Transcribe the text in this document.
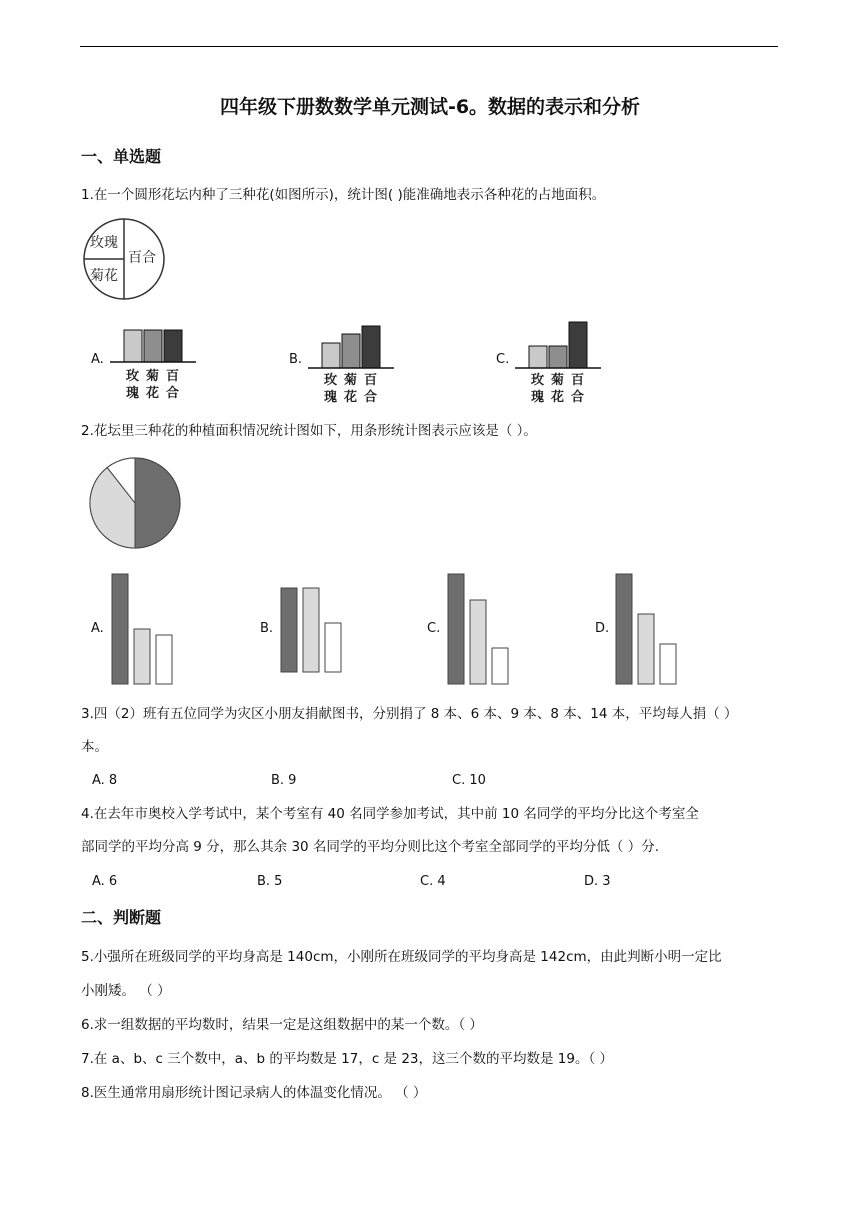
四年级下册数数学单元测试-6。数据的表示和分析
一、单选题
1.在一个圆形花坛内种了三种花(如图所示)，统计图( )能准确地表示各种花的占地面积。
玫瑰
百合
菊花
A.
玫 菊 百
瑰 花 合
B.
玫 菊 百
瑰 花 合
C.
玫 菊 百
瑰 花 合
2.花坛里三种花的种植面积情况统计图如下，用条形统计图表示应该是（ ）。
A.	B.	C.	D.
3.四（2）班有五位同学为灾区小朋友捐献图书，分别捐了 8 本、6 本、9 本、8 本、14 本，平均每人捐（ ）
本。
A. 8	B. 9	C. 10
4.在去年市奥校入学考试中，某个考室有 40 名同学参加考试，其中前 10 名同学的平均分比这个考室全
部同学的平均分高 9 分，那么其余 30 名同学的平均分则比这个考室全部同学的平均分低（ ）分.
A. 6	B. 5	C. 4	D. 3
二、判断题
5.小强所在班级同学的平均身高是 140cm，小刚所在班级同学的平均身高是 142cm，由此判断小明一定比
小刚矮。 （ ）
6.求一组数据的平均数时，结果一定是这组数据中的某一个数。（ ）
7.在 a、b、c 三个数中，a、b 的平均数是 17，c 是 23，这三个数的平均数是 19。（ ）
8.医生通常用扇形统计图记录病人的体温变化情况。 （ ）
